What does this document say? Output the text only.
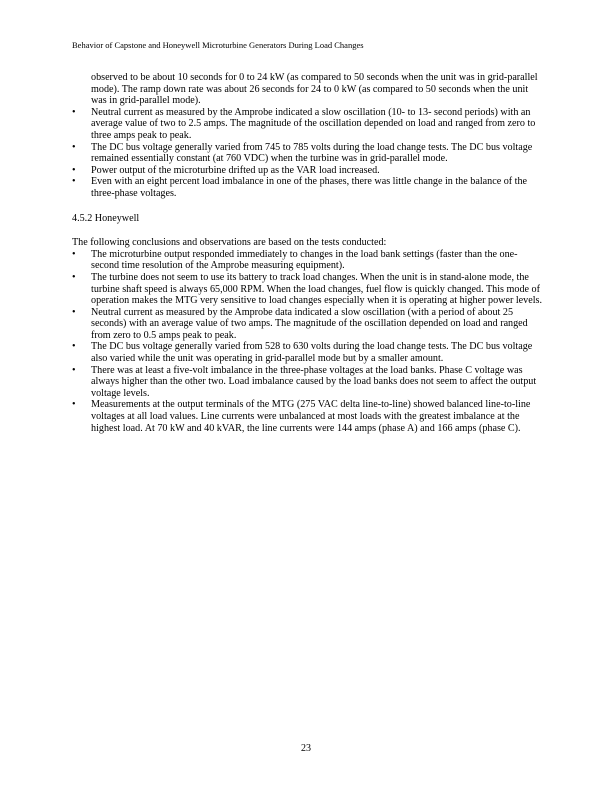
Behavior of Capstone and Honeywell Microturbine Generators During Load Changes

observed to be about 10 seconds for 0 to 24 kW (as compared to 50 seconds when the unit was in grid-parallel mode). The ramp down rate was about 26 seconds for 24 to 0 kW (as compared to 50 seconds when the unit was in grid-parallel mode).

• Neutral current as measured by the Amprobe indicated a slow oscillation (10- to 13- second periods) with an average value of two to 2.5 amps. The magnitude of the oscillation depended on load and ranged from zero to three amps peak to peak.
• The DC bus voltage generally varied from 745 to 785 volts during the load change tests. The DC bus voltage remained essentially constant (at 760 VDC) when the turbine was in grid-parallel mode.
• Power output of the microturbine drifted up as the VAR load increased.
• Even with an eight percent load imbalance in one of the phases, there was little change in the balance of the three-phase voltages.

4.5.2 Honeywell

The following conclusions and observations are based on the tests conducted:

• The microturbine output responded immediately to changes in the load bank settings (faster than the one-second time resolution of the Amprobe measuring equipment).
• The turbine does not seem to use its battery to track load changes. When the unit is in stand-alone mode, the turbine shaft speed is always 65,000 RPM. When the load changes, fuel flow is quickly changed. This mode of operation makes the MTG very sensitive to load changes especially when it is operating at higher power levels.
• Neutral current as measured by the Amprobe data indicated a slow oscillation (with a period of about 25 seconds) with an average value of two amps. The magnitude of the oscillation depended on load and ranged from zero to 0.5 amps peak to peak.
• The DC bus voltage generally varied from 528 to 630 volts during the load change tests. The DC bus voltage also varied while the unit was operating in grid-parallel mode but by a smaller amount.
• There was at least a five-volt imbalance in the three-phase voltages at the load banks. Phase C voltage was always higher than the other two. Load imbalance caused by the load banks does not seem to affect the output voltage levels.
• Measurements at the output terminals of the MTG (275 VAC delta line-to-line) showed balanced line-to-line voltages at all load values. Line currents were unbalanced at most loads with the greatest imbalance at the highest load. At 70 kW and 40 kVAR, the line currents were 144 amps (phase A) and 166 amps (phase C).
23
